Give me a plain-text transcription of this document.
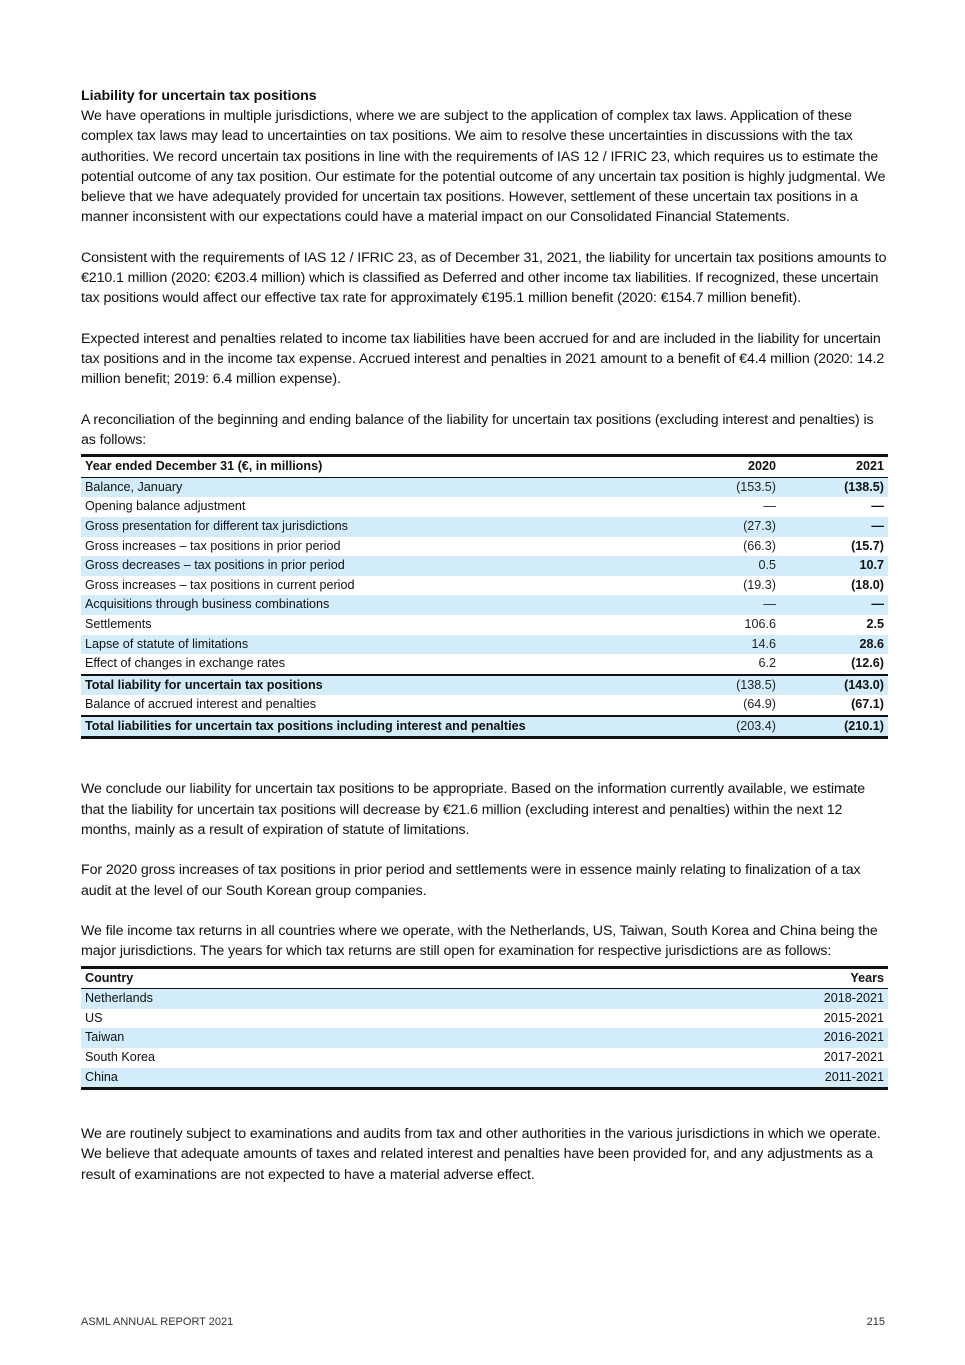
Liability for uncertain tax positions

We have operations in multiple jurisdictions, where we are subject to the application of complex tax laws. Application of these complex tax laws may lead to uncertainties on tax positions. We aim to resolve these uncertainties in discussions with the tax authorities. We record uncertain tax positions in line with the requirements of IAS 12 / IFRIC 23, which requires us to estimate the potential outcome of any tax position. Our estimate for the potential outcome of any uncertain tax position is highly judgmental. We believe that we have adequately provided for uncertain tax positions. However, settlement of these uncertain tax positions in a manner inconsistent with our expectations could have a material impact on our Consolidated Financial Statements.

Consistent with the requirements of IAS 12 / IFRIC 23, as of December 31, 2021, the liability for uncertain tax positions amounts to €210.1 million (2020: €203.4 million) which is classified as Deferred and other income tax liabilities. If recognized, these uncertain tax positions would affect our effective tax rate for approximately €195.1 million benefit (2020: €154.7 million benefit).

Expected interest and penalties related to income tax liabilities have been accrued for and are included in the liability for uncertain tax positions and in the income tax expense. Accrued interest and penalties in 2021 amount to a benefit of €4.4 million (2020: 14.2 million benefit; 2019: 6.4 million expense).

A reconciliation of the beginning and ending balance of the liability for uncertain tax positions (excluding interest and penalties) is as follows:

Year ended December 31 (€, in millions)	2020	2021
Balance, January	(153.5)	(138.5)
Opening balance adjustment	—	—
Gross presentation for different tax jurisdictions	(27.3)	—
Gross increases – tax positions in prior period	(66.3)	(15.7)
Gross decreases – tax positions in prior period	0.5	10.7
Gross increases – tax positions in current period	(19.3)	(18.0)
Acquisitions through business combinations	—	—
Settlements	106.6	2.5
Lapse of statute of limitations	14.6	28.6
Effect of changes in exchange rates	6.2	(12.6)
Total liability for uncertain tax positions	(138.5)	(143.0)
Balance of accrued interest and penalties	(64.9)	(67.1)
Total liabilities for uncertain tax positions including interest and penalties	(203.4)	(210.1)

We conclude our liability for uncertain tax positions to be appropriate. Based on the information currently available, we estimate that the liability for uncertain tax positions will decrease by €21.6 million (excluding interest and penalties) within the next 12 months, mainly as a result of expiration of statute of limitations.

For 2020 gross increases of tax positions in prior period and settlements were in essence mainly relating to finalization of a tax audit at the level of our South Korean group companies.

We file income tax returns in all countries where we operate, with the Netherlands, US, Taiwan, South Korea and China being the major jurisdictions. The years for which tax returns are still open for examination for respective jurisdictions are as follows:

Country	Years
Netherlands	2018-2021
US	2015-2021
Taiwan	2016-2021
South Korea	2017-2021
China	2011-2021

We are routinely subject to examinations and audits from tax and other authorities in the various jurisdictions in which we operate. We believe that adequate amounts of taxes and related interest and penalties have been provided for, and any adjustments as a result of examinations are not expected to have a material adverse effect.

ASML ANNUAL REPORT 2021	215
